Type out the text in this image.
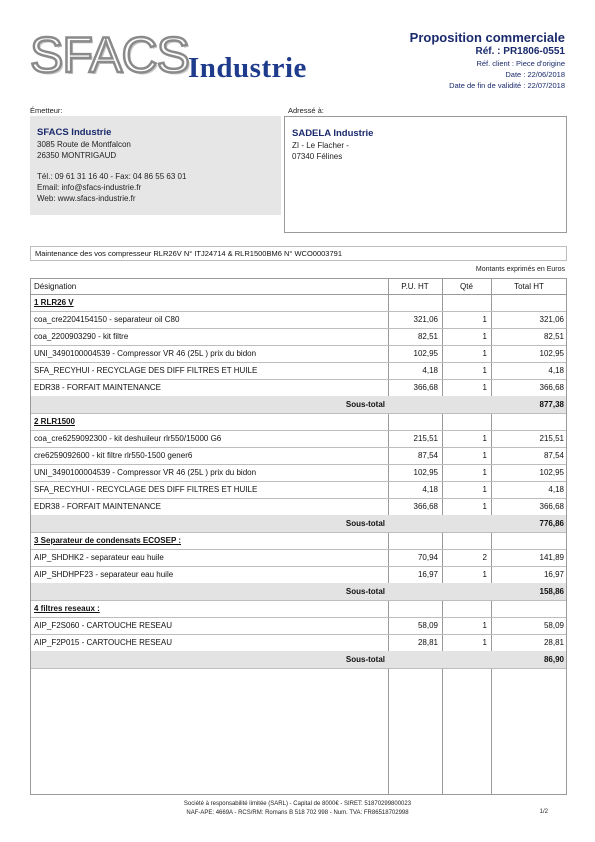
SFACS Industrie
Proposition commerciale
Réf. : PR1806-0551
Réf. client : Piece d'origine
Date : 22/06/2018
Date de fin de validité : 22/07/2018
Émetteur:	Adressé à:
SFACS Industrie
3085 Route de Montfalcon
26350 MONTRIGAUD
Tél.: 09 61 31 16 40 - Fax: 04 86 55 63 01
Email: info@sfacs-industrie.fr
Web: www.sfacs-industrie.fr
SADELA Industrie
ZI - Le Flacher -
07340 Félines
Maintenance des vos compresseur RLR26V N° ITJ24714 & RLR1500BM6 N° WCO0003791
Montants exprimés en Euros
Désignation	P.U. HT	Qté	Total HT
1 RLR26 V
coa_cre2204154150 - separateur oil C80	321,06	1	321,06
coa_2200903290 - kit filtre	82,51	1	82,51
UNI_3490100004539 - Compressor VR 46 (25L ) prix du bidon	102,95	1	102,95
SFA_RECYHUI - RECYCLAGE DES DIFF FILTRES ET HUILE	4,18	1	4,18
EDR38 - FORFAIT MAINTENANCE	366,68	1	366,68
Sous-total	877,38
2 RLR1500
coa_cre6259092300 - kit deshuileur rlr550/15000 G6	215,51	1	215,51
cre6259092600 - kit filtre rlr550-1500 gener6	87,54	1	87,54
UNI_3490100004539 - Compressor VR 46 (25L ) prix du bidon	102,95	1	102,95
SFA_RECYHUI - RECYCLAGE DES DIFF FILTRES ET HUILE	4,18	1	4,18
EDR38 - FORFAIT MAINTENANCE	366,68	1	366,68
Sous-total	776,86
3 Separateur de condensats ECOSEP :
AIP_SHDHK2 - separateur eau huile	70,94	2	141,89
AIP_SHDHPF23 - separateur eau huile	16,97	1	16,97
Sous-total	158,86
4 filtres reseaux :
AIP_F2S060 - CARTOUCHE RESEAU	58,09	1	58,09
AIP_F2P015 - CARTOUCHE RESEAU	28,81	1	28,81
Sous-total	86,90
Société à responsabilité limitée (SARL) - Capital de 8000€ - SIRET: 51870299800023
NAF-APE: 4669A - RCS/RM: Romans B 518 702 998 - Num. TVA: FR86518702998	1/2
